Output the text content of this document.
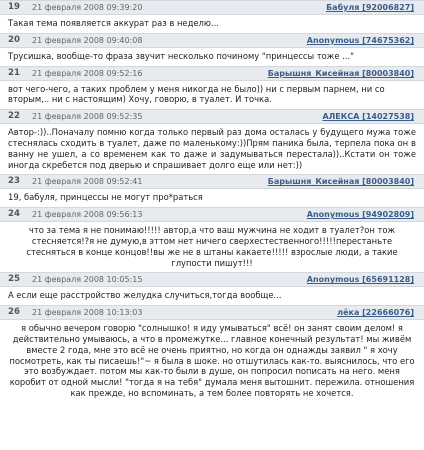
19 21 февраля 2008 09:39:20	Бабуля [92006827]
Такая тема появляется аккурат раз в неделю...
20 21 февраля 2008 09:40:08	Anonymous [74675362]
Трусишка, вообще-то фраза звучит несколько починому "принцессы тоже ..."
21 21 февраля 2008 09:52:16	Барышня_Кисейная [80003840]
вот чего-чего, а таких проблем у меня никогда не было)) ни с первым парнем, ни со вторым,.. ни с настоящим) Хочу, говорю, в туалет. И точка.
22 21 февраля 2008 09:52:35	АЛЕКСА [14027538]
Автор-:))..Поначалу помню когда только первый раз дома осталась у будущего мужа тоже стеснялась сходить в туалет, даже по маленькому:))Прям паника была, терпела пока он в ванну не ушел, а со временем как то даже и задумываться перестала))..Кстати он тоже иногда скребется под дверью и спрашивает долго еще или нет:))
23 21 февраля 2008 09:52:41	Барышня_Кисейная [80003840]
19, бабуля, принцессы не могут про*раться
24 21 февраля 2008 09:56:13	Anonymous [94902809]
что за тема я не понимаю!!!!! автор,а что ваш мужчина не ходит в туалет?он тож стесняется!?я не думую,в эттом нет ничего сверхестественного!!!!!перестаньте стесняться в конце концов!!вы же не в штаны какаете!!!!! взрослые люди, а такие глупости пишут!!!
25 21 февраля 2008 10:05:15	Anonymous [65691128]
А если еще расстройство желудка случиться,тогда вообще...
26 21 февраля 2008 10:13:03	лёка [22666076]
я обычно вечером говорю "солнышко! я иду умываться" всё! он занят своим делом! я действительно умываюсь, а что в промежутке... главное конечный результат! мы живём вместе 2 года, мне это всё не очень приятно, но когда он однажды заявил " я хочу посмотреть, как ты писаешь!"~ я была в шоке. но отшутилась как-то. выяснилось, что его это возбуждает. потом мы как-то были в душе, он попросил пописать на него. меня коробит от одной мысли! "тогда я на тебя" думала меня вытошнит. пережила. отношения как прежде, но вспоминать, а тем более повторять не хочется.
